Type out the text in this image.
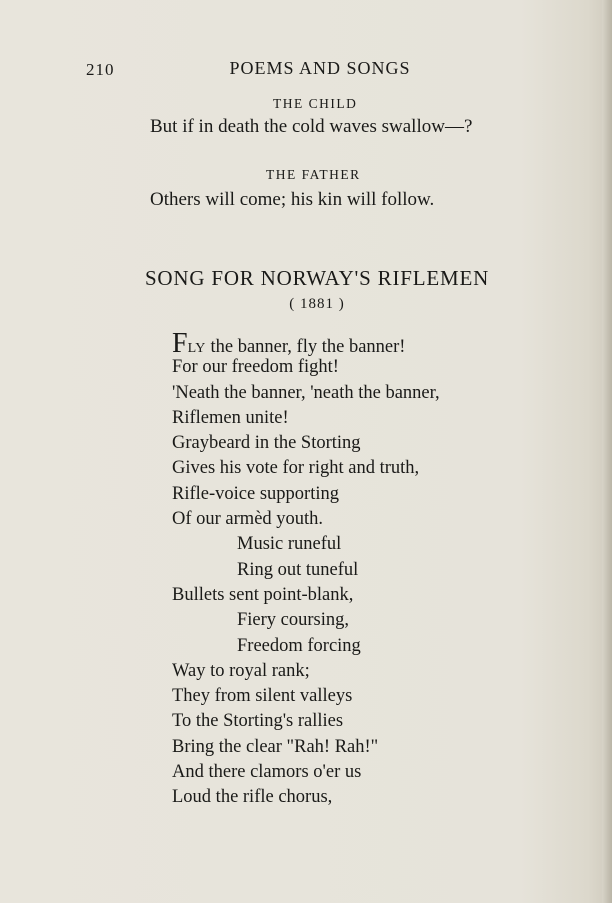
210	POEMS AND SONGS
THE CHILD
But if in death the cold waves swallow—?
THE FATHER
Others will come; his kin will follow.
SONG FOR NORWAY'S RIFLEMEN
( 1881 )
FLY the banner, fly the banner!
For our freedom fight!
'Neath the banner, 'neath the banner,
Riflemen unite!
Graybeard in the Storting
Gives his vote for right and truth,
Rifle-voice supporting
Of our armèd youth.
Music runeful
Ring out tuneful
Bullets sent point-blank,
Fiery coursing,
Freedom forcing
Way to royal rank;
They from silent valleys
To the Storting's rallies
Bring the clear "Rah! Rah!"
And there clamors o'er us
Loud the rifle chorus,
